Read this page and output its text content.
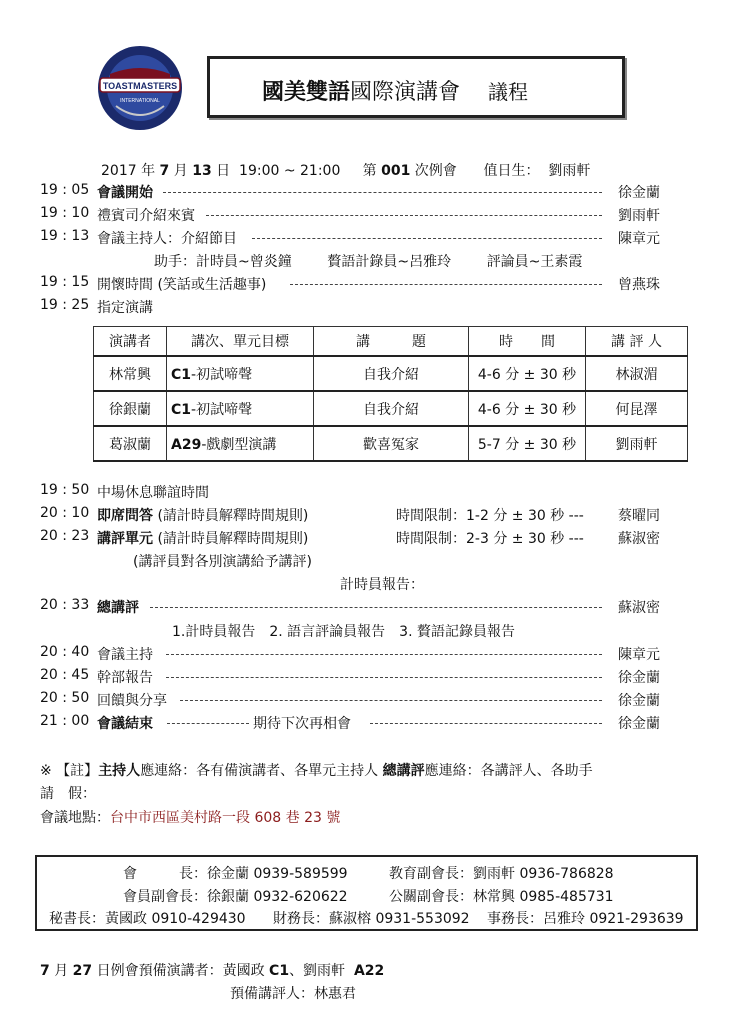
TOASTMASTERS
INTERNATIONAL	國美雙語國際演講會 議程
2017 年 7 月 13 日 19:00 ~ 21:00 第 001 次例會 值日生： 劉雨軒
19 : 05 會議開始	徐金蘭
19 : 10 禮賓司介紹來賓	劉雨軒
19 : 13 會議主持人：介紹節目	陳章元
助手：計時員~曾炎鐘	贅語計錄員~呂雅玲	評論員~王素霞
19 : 15 開懷時間 (笑話或生活趣事)	曾燕珠
19 : 25 指定演講
演講者	講次、單元目標	講　　　題	時　　間	講 評 人
林常興	C1-初試啼聲	自我介紹	4-6 分 ± 30 秒	林淑湄
徐銀蘭	C1-初試啼聲	自我介紹	4-6 分 ± 30 秒	何昆澤
葛淑蘭	A29-戲劇型演講	歡喜冤家	5-7 分 ± 30 秒	劉雨軒
19 : 50 中場休息聯誼時間
20 : 10 即席問答 (請計時員解釋時間規則)	時間限制：1-2 分 ± 30 秒 --- 蔡曜同
20 : 23 講評單元 (請計時員解釋時間規則)	時間限制：2-3 分 ± 30 秒 --- 蘇淑密
(講評員對各別演講給予講評)
計時員報告：
20 : 33 總講評	蘇淑密
1.計時員報告　2. 語言評論員報告　3. 贅語記錄員報告
20 : 40 會議主持	陳章元
20 : 45 幹部報告	徐金蘭
20 : 50 回饋與分享	徐金蘭
21 : 00 會議結束	期待下次再相會	徐金蘭
※ 【註】主持人應連絡：各有備演講者、各單元主持人 總講評應連絡：各講評人、各助手
請　假：
會議地點：台中市西區美村路一段 608 巷 23 號
會　　　長：徐金蘭 0939-589599	教育副會長：劉雨軒 0936-786828
會員副會長：徐銀蘭 0932-620622	公關副會長：林常興 0985-485731
秘書長：黃國政 0910-429430 財務長：蘇淑榕 0931-553092 事務長：呂雅玲 0921-293639
7 月 27 日例會預備演講者：黃國政 C1、劉雨軒 A22
預備講評人：林惠君
